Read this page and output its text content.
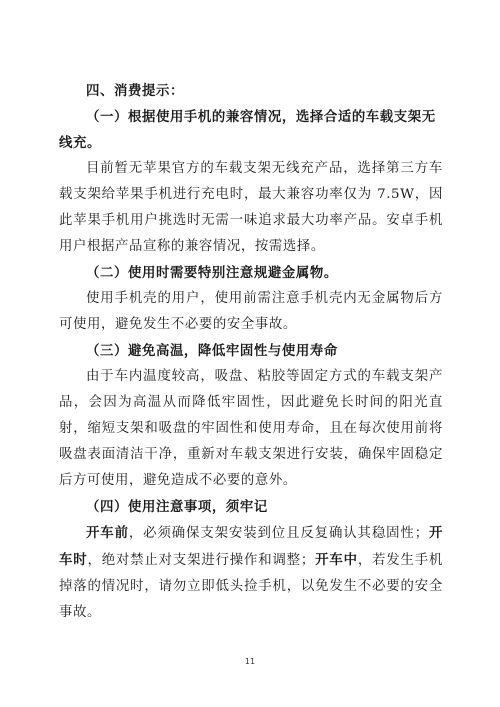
四、消费提示：

（一）根据使用手机的兼容情况，选择合适的车载支架无线充。

目前暂无苹果官方的车载支架无线充产品，选择第三方车载支架给苹果手机进行充电时，最大兼容功率仅为 7.5W，因此苹果手机用户挑选时无需一味追求最大功率产品。安卓手机用户根据产品宣称的兼容情况，按需选择。

（二）使用时需要特别注意规避金属物。

使用手机壳的用户，使用前需注意手机壳内无金属物后方可使用，避免发生不必要的安全事故。

（三）避免高温，降低牢固性与使用寿命

由于车内温度较高，吸盘、粘胶等固定方式的车载支架产品，会因为高温从而降低牢固性，因此避免长时间的阳光直射，缩短支架和吸盘的牢固性和使用寿命，且在每次使用前将吸盘表面清洁干净，重新对车载支架进行安装，确保牢固稳定后方可使用，避免造成不必要的意外。

（四）使用注意事项，须牢记

开车前，必须确保支架安装到位且反复确认其稳固性；开车时，绝对禁止对支架进行操作和调整；开车中，若发生手机掉落的情况时，请勿立即低头捡手机，以免发生不必要的安全事故。

11
